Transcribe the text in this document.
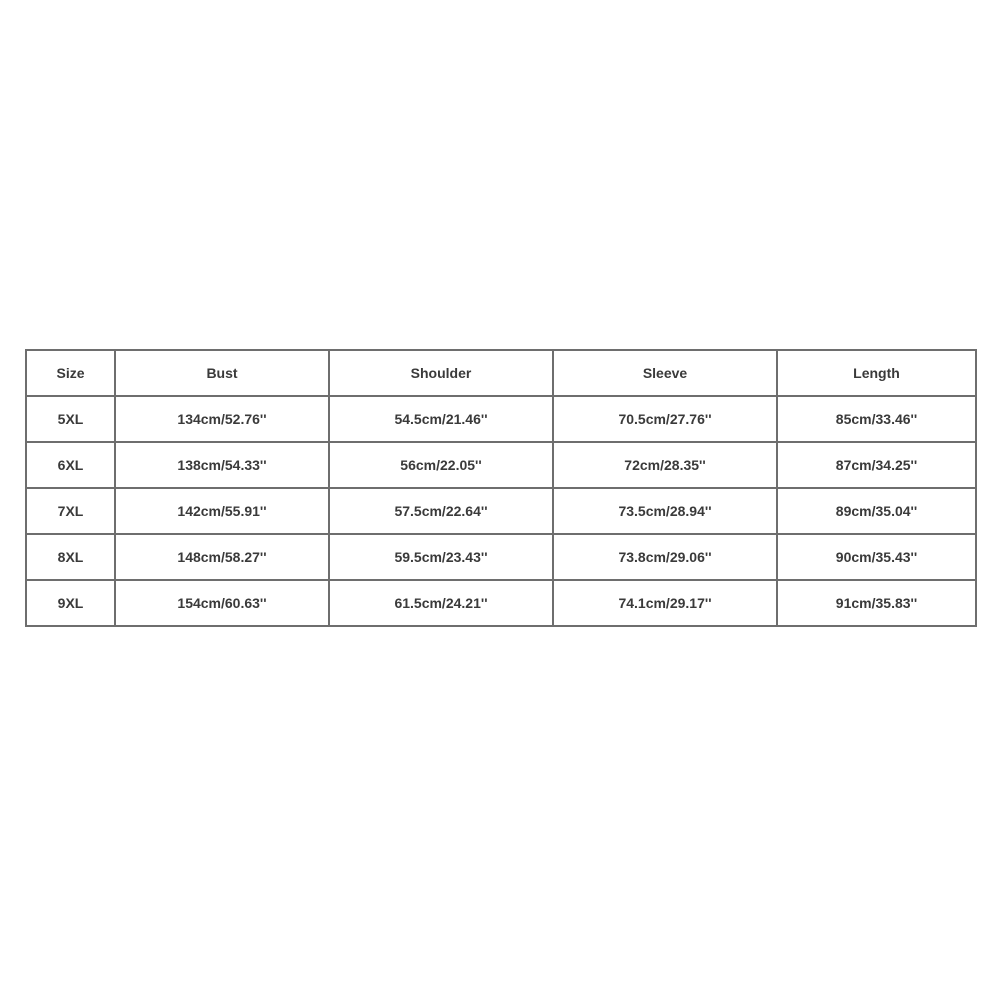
Size	Bust	Shoulder	Sleeve	Length
5XL	134cm/52.76''	54.5cm/21.46''	70.5cm/27.76''	85cm/33.46''
6XL	138cm/54.33''	56cm/22.05''	72cm/28.35''	87cm/34.25''
7XL	142cm/55.91''	57.5cm/22.64''	73.5cm/28.94''	89cm/35.04''
8XL	148cm/58.27''	59.5cm/23.43''	73.8cm/29.06''	90cm/35.43''
9XL	154cm/60.63''	61.5cm/24.21''	74.1cm/29.17''	91cm/35.83''
